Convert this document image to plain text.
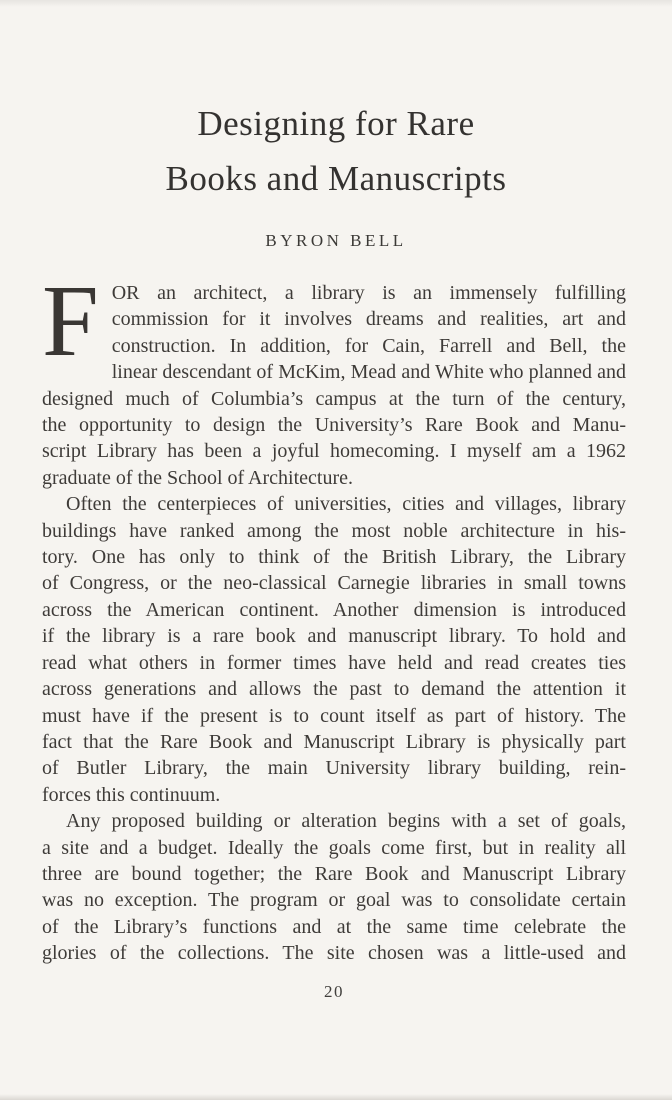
Designing for Rare
Books and Manuscripts
BYRON BELL
F OR an architect, a library is an immensely fulfilling
commission for it involves dreams and realities, art and
construction. In addition, for Cain, Farrell and Bell, the
linear descendant of McKim, Mead and White who planned and
designed much of Columbia’s campus at the turn of the century,
the opportunity to design the University’s Rare Book and Manu-
script Library has been a joyful homecoming. I myself am a 1962
graduate of the School of Architecture.
Often the centerpieces of universities, cities and villages, library
buildings have ranked among the most noble architecture in his-
tory. One has only to think of the British Library, the Library
of Congress, or the neo-classical Carnegie libraries in small towns
across the American continent. Another dimension is introduced
if the library is a rare book and manuscript library. To hold and
read what others in former times have held and read creates ties
across generations and allows the past to demand the attention it
must have if the present is to count itself as part of history. The
fact that the Rare Book and Manuscript Library is physically part
of Butler Library, the main University library building, rein-
forces this continuum.
Any proposed building or alteration begins with a set of goals,
a site and a budget. Ideally the goals come first, but in reality all
three are bound together; the Rare Book and Manuscript Library
was no exception. The program or goal was to consolidate certain
of the Library’s functions and at the same time celebrate the
glories of the collections. The site chosen was a little-used and
20
